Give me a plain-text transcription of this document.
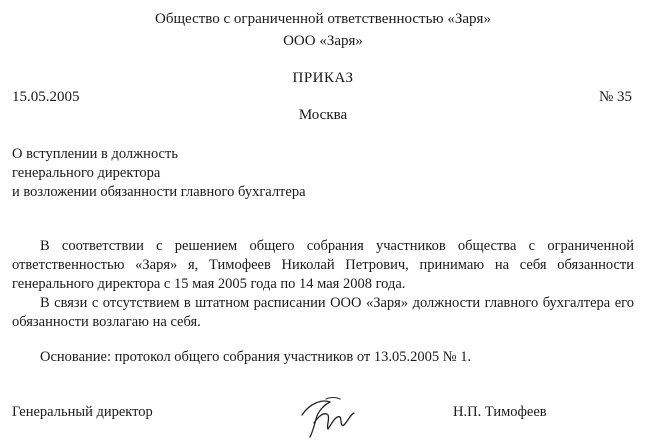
Общество с ограниченной ответственностью «Заря»
ООО «Заря»
ПРИКАЗ
15.05.2005	№ 35
Москва
О вступлении в должность
генерального директора
и возложении обязанности главного бухгалтера

В соответствии с решением общего собрания участников общества с ограниченной ответственностью «Заря» я, Тимофеев Николай Петрович, принимаю на себя обязанности генерального директора с 15 мая 2005 года по 14 мая 2008 года.

В связи с отсутствием в штатном расписании ООО «Заря» должности главного бухгалтера его обязанности возлагаю на себя.

Основание: протокол общего собрания участников от 13.05.2005 № 1.
Генеральный директор	Н.П. Тимофеев
